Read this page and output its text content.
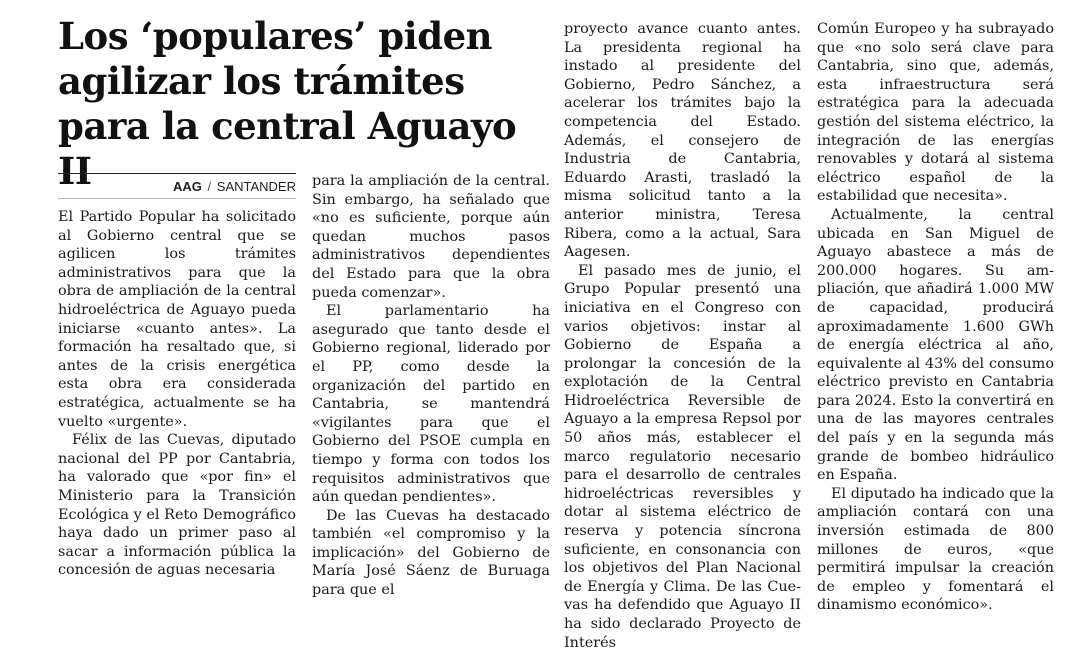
Los ‘populares’ piden agilizar los trámites para la central Aguayo II	AAG / SANTANDER

El Partido Popular ha solicitado al Gobierno central que se agilicen los trámites administrativos para que la obra de ampliación de la central hidroeléctrica de Aguayo pueda iniciarse «cuanto antes». La formación ha resaltado que, si antes de la crisis energética esta obra era considerada estratégica, actualmente se ha vuelto «urgente».

Félix de las Cuevas, diputado nacional del PP por Cantabria, ha valorado que «por fin» el Ministerio para la Transición Ecológica y el Reto Demográfico haya dado un primer paso al sacar a información pública la concesión de aguas necesaria

para la ampliación de la central. Sin embargo, ha señalado que «no es suficiente, porque aún quedan muchos pasos administrativos dependientes del Estado para que la obra pueda comenzar».

El parlamentario ha asegurado que tanto desde el Gobierno regional, liderado por el PP, como desde la organización del partido en Cantabria, se mantendrá «vigilantes para que el Gobierno del PSOE cumpla en tiempo y forma con todos los requisitos administrativos que aún quedan pendientes».

De las Cuevas ha destacado también «el compromiso y la implicación» del Gobierno de María José Sáenz de Buruaga para que el

proyecto avance cuanto antes. La presidenta regional ha instado al presidente del Gobierno, Pedro Sánchez, a acelerar los trámites bajo la competencia del Estado. Además, el consejero de Industria de Cantabria, Eduardo Arasti, trasladó la misma solicitud tanto a la anterior ministra, Teresa Ribera, como a la actual, Sara Aagesen.

El pasado mes de junio, el Grupo Popular presentó una iniciativa en el Congreso con varios objetivos: instar al Gobierno de España a prolongar la concesión de la explotación de la Central Hidroeléctrica Reversible de Aguayo a la empresa Repsol por 50 años más, establecer el marco regulatorio necesario para el desarrollo de centrales hidroeléctricas reversibles y dotar al sistema eléctrico de reserva y potencia síncrona suficiente, en consonancia con los objetivos del Plan Nacional de Energía y Clima. De las Cuevas ha defendido que Aguayo II ha sido declarado Proyecto de Interés

Común Europeo y ha subrayado que «no solo será clave para Cantabria, sino que, además, esta infraestructura será estratégica para la adecuada gestión del sistema eléctrico, la integración de las energías renovables y dotará al sistema eléctrico español de la estabilidad que necesita».

Actualmente, la central ubicada en San Miguel de Aguayo abastece a más de 200.000 hogares. Su ampliación, que añadirá 1.000 MW de capacidad, producirá aproximadamente 1.600 GWh de energía eléctrica al año, equivalente al 43% del consumo eléctrico previsto en Cantabria para 2024. Esto la convertirá en una de las mayores centrales del país y en la segunda más grande de bombeo hidráulico en España.

El diputado ha indicado que la ampliación contará con una inversión estimada de 800 millones de euros, «que permitirá impulsar la creación de empleo y fomentará el dinamismo económico».
